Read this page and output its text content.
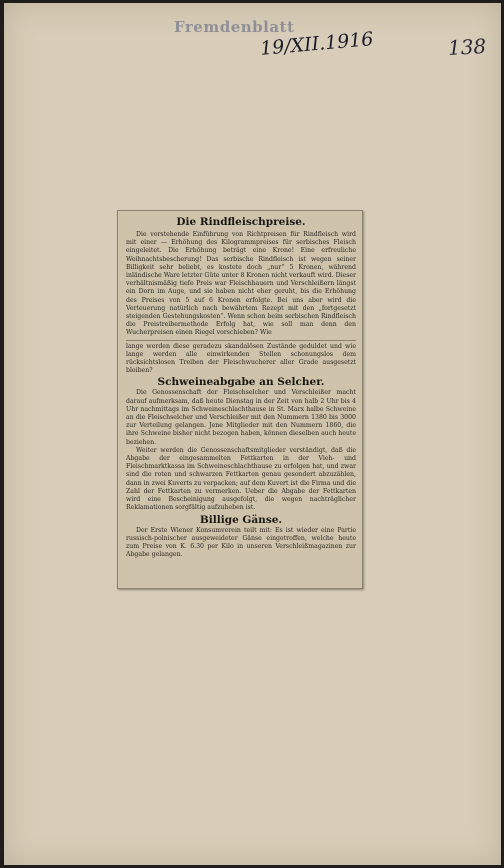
Fremdenblatt
19/XII.1916	138
Die Rindfleischpreise.

Die vorstehende Einführung von Richtpreisen für Rindfleisch wird mit einer — Erhöhung des Kilogrammpreises für serbisches Fleisch eingeleitet. Die Erhöhung beträgt eine Krone! Eine erfreuliche Weihnachtsbescherung! Das serbische Rindfleisch ist wegen seiner Billigkeit sehr beliebt, es kostete doch „nur“ 5 Kronen, während inländische Ware letzter Güte unter 8 Kronen nicht verkauft wird. Dieser verhältnismäßig tiefe Preis war Fleischhauern und Verschleißern längst ein Dorn im Auge, und sie haben nicht eher geruht, bis die Erhöhung des Preises von 5 auf 6 Kronen erfolgte. Bei uns aber wird die Verteuerung natürlich nach bewährtem Rezept mit den „fortgesetzt steigenden Gestehungskosten“. Wenn schon beim serbischen Rindfleisch die Preistreibermethode Erfolg hat, wie soll man denn den Wucherpreisen einen Riegel vorschieben? Wie

lange werden diese geradezu skandalösen Zustände geduldet und wie lange werden alle einwirkenden Stellen schonungslos dem rücksichtslosen Treiben der Fleischwucherer aller Grade ausgesetzt bleiben?

Schweineabgabe an Selcher.

Die Genossenschaft der Fleischselcher und Verschleißer macht darauf aufmerksam, daß heute Dienstag in der Zeit von halb 2 Uhr bis 4 Uhr nachmittags im Schweineschlachthause in St. Marx halbe Schweine an die Fleischselcher und Verschleißer mit den Nummern 1380 bis 3000 zur Verteilung gelangen. Jene Mitglieder mit den Nummern 1860, die ihre Schweine bisher nicht bezogen haben, können dieselben auch heute beziehen.

Weiter werden die Genossenschaftsmitglieder verständigt, daß die Abgabe der eingesammelten Fettkarten in der Vieh- und Fleischmarktkassa im Schweineschlachthause zu erfolgen hat, und zwar sind die roten und schwarzen Fettkarten genau gesondert abzuzählen, dann in zwei Kuverts zu verpacken; auf dem Kuvert ist die Firma und die Zahl der Fettkarten zu vermerken. Ueber die Abgabe der Fettkarten wird eine Bescheinigung ausgefolgt, die wegen nachträglicher Reklamationen sorgfältig aufzuheben ist.

Billige Gänse.

Der Erste Wiener Konsumverein teilt mit: Es ist wieder eine Partie russisch-polnischer ausgeweideter Gänse eingetroffen, welche heute zum Preise von K. 6.30 per Kilo in unseren Verschleißmagazinen zur Abgabe gelangen.
